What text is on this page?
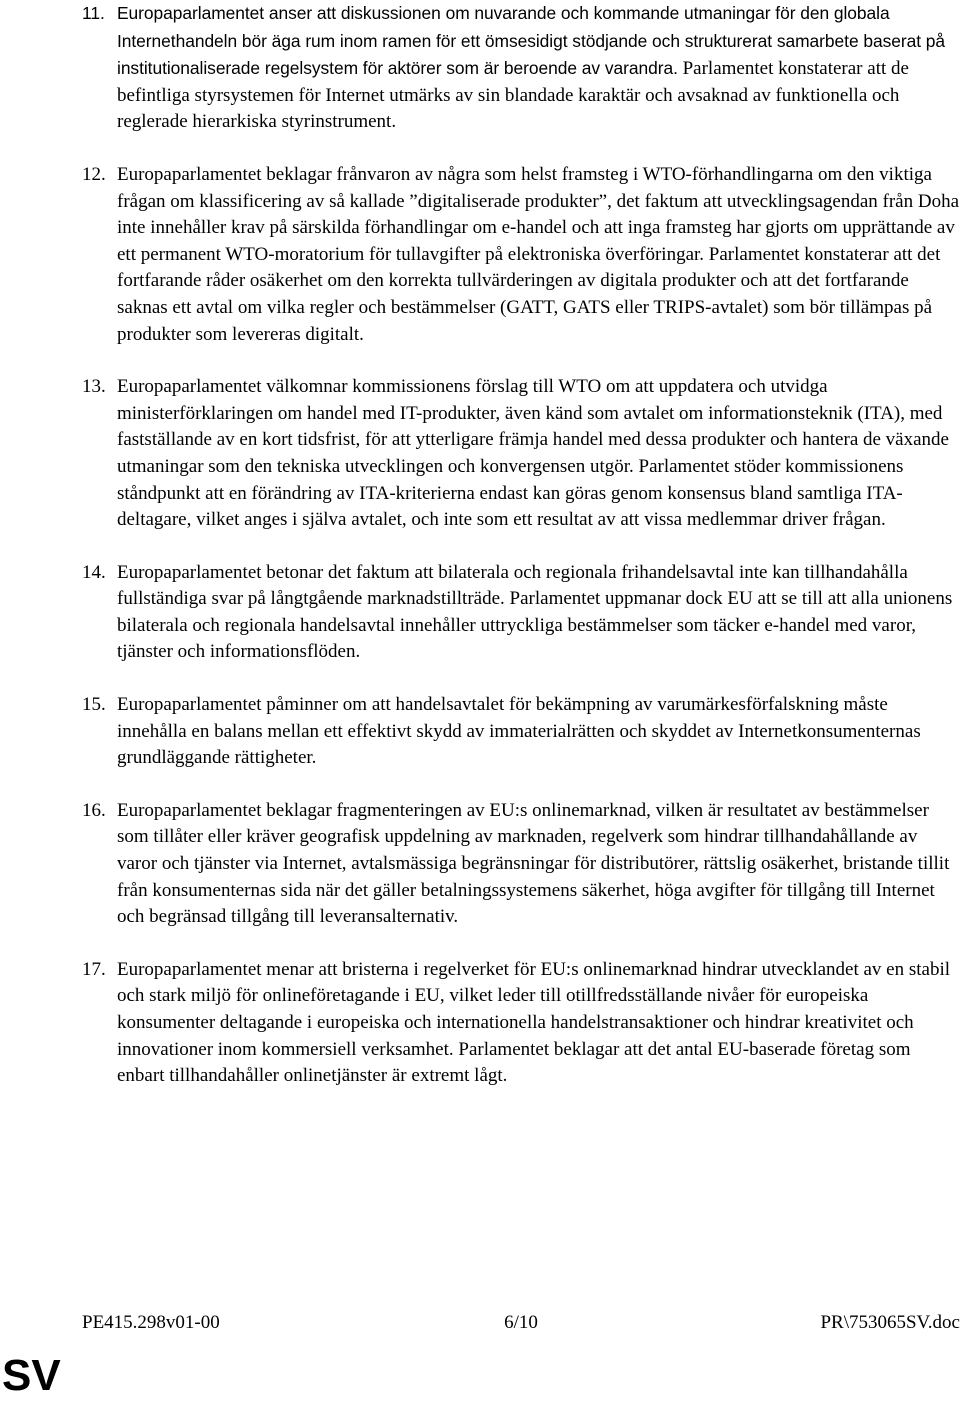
11. Europaparlamentet anser att diskussionen om nuvarande och kommande utmaningar för den globala Internethandeln bör äga rum inom ramen för ett ömsesidigt stödjande och strukturerat samarbete baserat på institutionaliserade regelsystem för aktörer som är beroende av varandra. Parlamentet konstaterar att de befintliga styrsystemen för Internet utmärks av sin blandade karaktär och avsaknad av funktionella och reglerade hierarkiska styrinstrument.
12. Europaparlamentet beklagar frånvaron av några som helst framsteg i WTO-förhandlingarna om den viktiga frågan om klassificering av så kallade ”digitaliserade produkter”, det faktum att utvecklingsagendan från Doha inte innehåller krav på särskilda förhandlingar om e-handel och att inga framsteg har gjorts om upprättande av ett permanent WTO-moratorium för tullavgifter på elektroniska överföringar. Parlamentet konstaterar att det fortfarande råder osäkerhet om den korrekta tullvärderingen av digitala produkter och att det fortfarande saknas ett avtal om vilka regler och bestämmelser (GATT, GATS eller TRIPS-avtalet) som bör tillämpas på produkter som levereras digitalt.
13. Europaparlamentet välkomnar kommissionens förslag till WTO om att uppdatera och utvidga ministerförklaringen om handel med IT-produkter, även känd som avtalet om informationsteknik (ITA), med fastställande av en kort tidsfrist, för att ytterligare främja handel med dessa produkter och hantera de växande utmaningar som den tekniska utvecklingen och konvergensen utgör. Parlamentet stöder kommissionens ståndpunkt att en förändring av ITA-kriterierna endast kan göras genom konsensus bland samtliga ITA-deltagare, vilket anges i själva avtalet, och inte som ett resultat av att vissa medlemmar driver frågan.
14. Europaparlamentet betonar det faktum att bilaterala och regionala frihandelsavtal inte kan tillhandahålla fullständiga svar på långtgående marknadstillträde. Parlamentet uppmanar dock EU att se till att alla unionens bilaterala och regionala handelsavtal innehåller uttryckliga bestämmelser som täcker e-handel med varor, tjänster och informationsflöden.
15. Europaparlamentet påminner om att handelsavtalet för bekämpning av varumärkesförfalskning måste innehålla en balans mellan ett effektivt skydd av immaterialrätten och skyddet av Internetkonsumenternas grundläggande rättigheter.
16. Europaparlamentet beklagar fragmenteringen av EU:s onlinemarknad, vilken är resultatet av bestämmelser som tillåter eller kräver geografisk uppdelning av marknaden, regelverk som hindrar tillhandahållande av varor och tjänster via Internet, avtalsmässiga begränsningar för distributörer, rättslig osäkerhet, bristande tillit från konsumenternas sida när det gäller betalningssystemens säkerhet, höga avgifter för tillgång till Internet och begränsad tillgång till leveransalternativ.
17. Europaparlamentet menar att bristerna i regelverket för EU:s onlinemarknad hindrar utvecklandet av en stabil och stark miljö för onlineföretagande i EU, vilket leder till otillfredsställande nivåer för europeiska konsumenter deltagande i europeiska och internationella handelstransaktioner och hindrar kreativitet och innovationer inom kommersiell verksamhet. Parlamentet beklagar att det antal EU-baserade företag som enbart tillhandahåller onlinetjänster är extremt lågt.
PE415.298v01-00	6/10	PR\753065SV.doc
SV
